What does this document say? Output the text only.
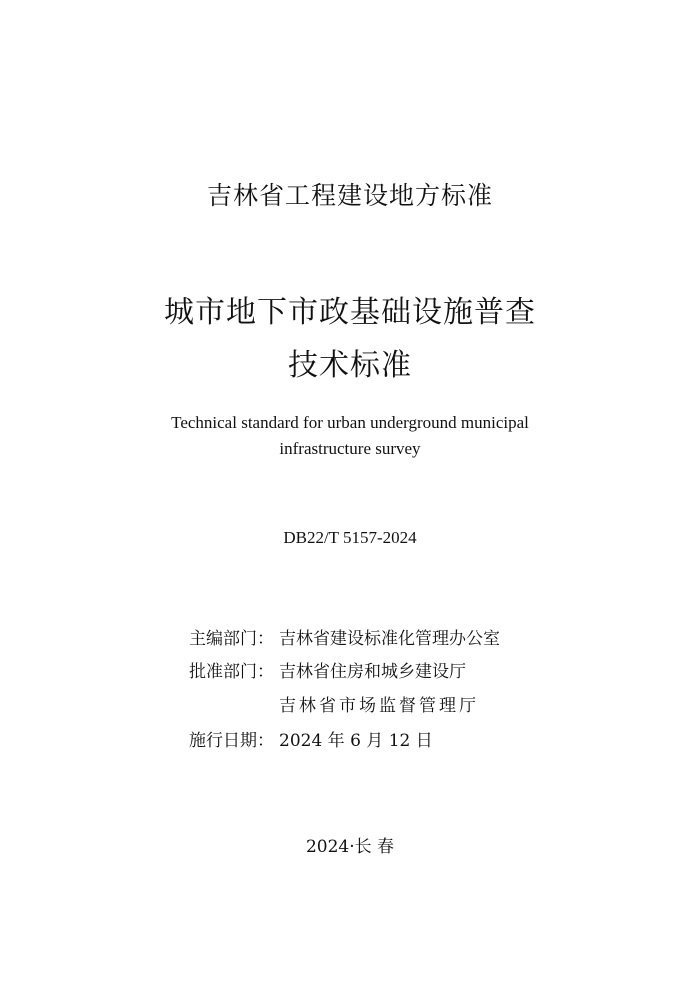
吉林省工程建设地方标准
城市地下市政基础设施普查
技术标准
Technical standard for urban underground municipal
infrastructure survey
DB22/T 5157-2024
主编部门： 吉林省建设标准化管理办公室
批准部门： 吉林省住房和城乡建设厅
吉林省市场监督管理厅
施行日期： 2024 年 6 月 12 日
2024·长 春
